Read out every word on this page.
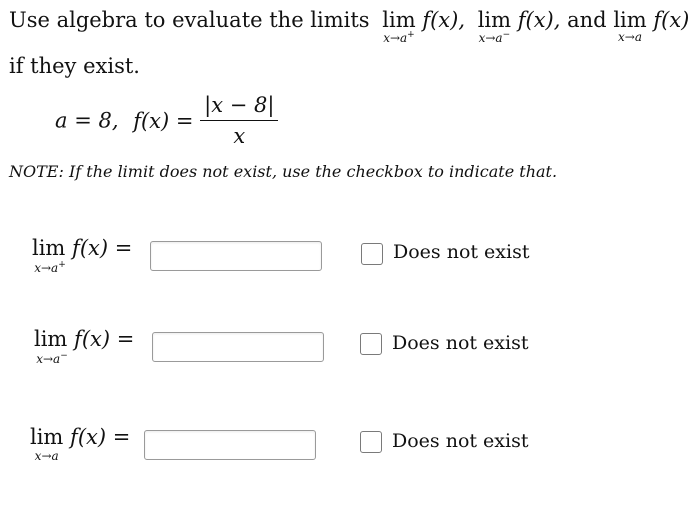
Use algebra to evaluate the limits lim
x→a+
f(x), lim
x→a−
f(x), and lim
x→a
f(x)
if they exist.
a = 8, $f(x) = \frac{|x - 8|}{x}$
NOTE: If the limit does not exist, use the checkbox to indicate that.
lim
x→a+
f(x) =	Does not exist
lim
x→a−
f(x) =	Does not exist
lim
x→a
f(x) =	Does not exist
